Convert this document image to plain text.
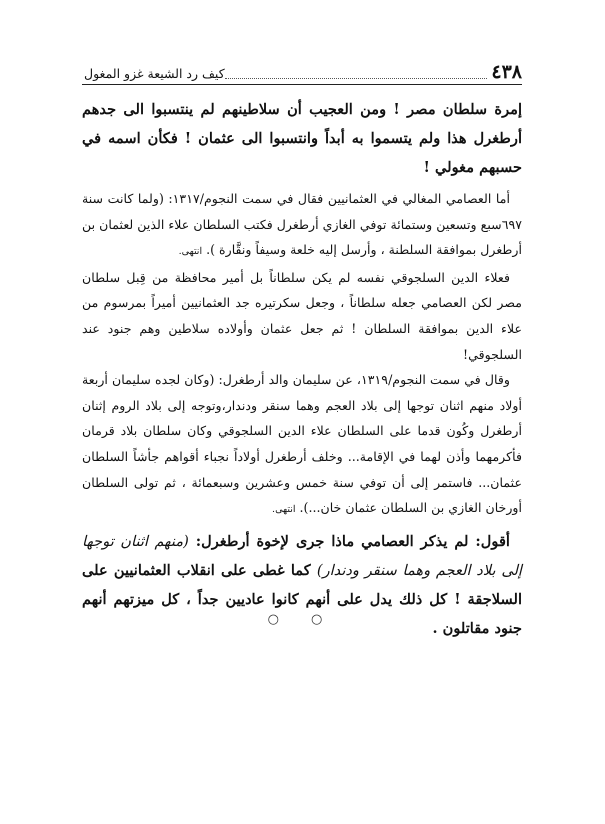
٤٣٨
كيف رد الشيعة غزو المغول

إمرة سلطان مصر ! ومن العجيب أن سلاطينهم لم ينتسبوا الى جدهم أرطغرل هذا ولم يتسموا به أبداً وانتسبوا الى عثمان ! فكأن اسمه في حسبهم مغولي !

أما العصامي المغالي في العثمانيين فقال في سمت النجوم/١٣١٧: (ولما كانت سنة ٦٩٧سبع وتسعين وستمائة توفي الغازي أرطغرل فكتب السلطان علاء الذين لعثمان بن أرطغرل بموافقة السلطنة ، وأرسل إليه خلعة وسيفاً ونقَّارة ). انتهى.

فعلاء الدين السلجوقي نفسه لم يكن سلطاناً بل أمير محافظة من قِبل سلطان مصر لكن العصامي جعله سلطاناً ، وجعل سكرتيره جد العثمانيين أميراً بمرسوم من علاء الدين بموافقة السلطان ! ثم جعل عثمان وأولاده سلاطين وهم جنود عند السلجوقي!

وقال في سمت النجوم/١٣١٩، عن سليمان والد أرطغرل: (وكان لجده سليمان أربعة أولاد منهم اثنان توجها إلى بلاد العجم وهما سنقر ودندار،وتوجه إلى بلاد الروم إثنان أرطغرل وكُون قدما على السلطان علاء الدين السلجوقي وكان سلطان بلاد قرمان فأكرمهما وأذن لهما في الإقامة... وخلف أرطغرل أولاداً نجباء أقواهم جأشاً السلطان عثمان... فاستمر إلى أن توفي سنة خمس وعشرين وسبعمائة ، ثم تولى السلطان أورخان الغازي بن السلطان عثمان خان...). انتهى.

أقول: لم يذكر العصامي ماذا جرى لإخوة أرطغرل: (منهم اثنان توجها إلى بلاد العجم وهما سنقر ودندار) كما غطى على انقلاب العثمانيين على السلاجقة ! كل ذلك يدل على أنهم كانوا عاديين جداً ، كل ميزتهم أنهم جنود مقاتلون .

○ ○
